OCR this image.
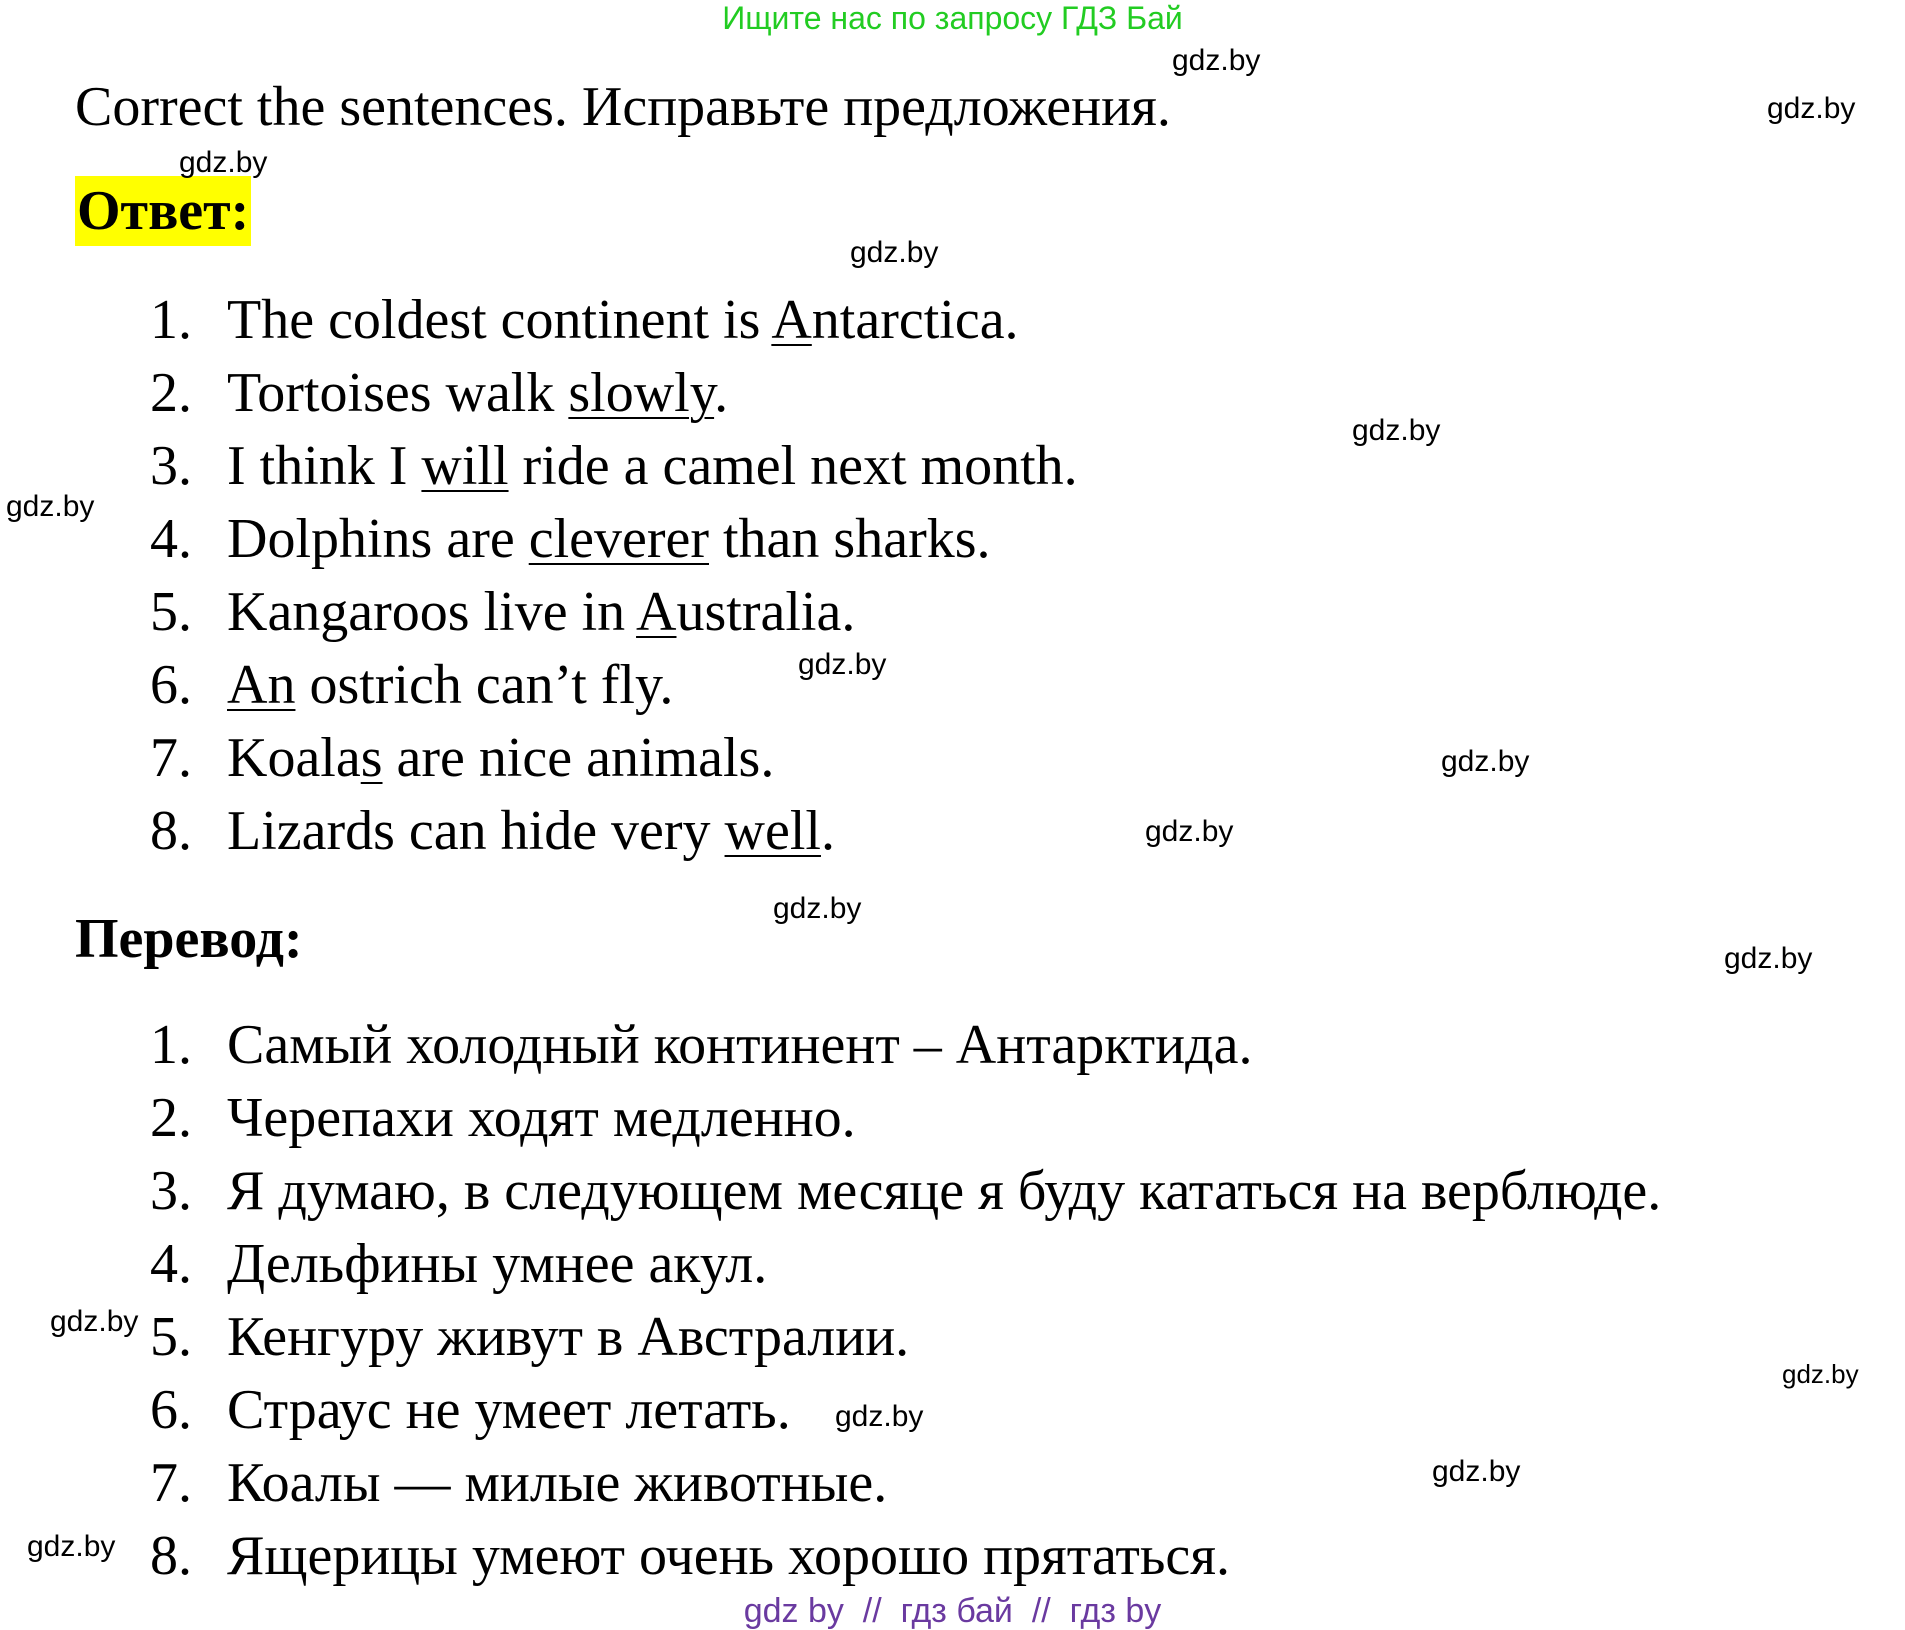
Ищите нас по запросу ГДЗ Бай
Correct the sentences. Исправьте предложения.
Ответ:
1. The coldest continent is Antarctica.
2. Tortoises walk slowly.
3. I think I will ride a camel next month.
4. Dolphins are cleverer than sharks.
5. Kangaroos live in Australia.
6. An ostrich can’t fly.
7. Koalas are nice animals.
8. Lizards can hide very well.
Перевод:
1. Самый холодный континент – Антарктида.
2. Черепахи ходят медленно.
3. Я думаю, в следующем месяце я буду кататься на верблюде.
4. Дельфины умнее акул.
5. Кенгуру живут в Австралии.
6. Страус не умеет летать.
7. Коалы — милые животные.
8. Ящерицы умеют очень хорошо прятаться.
gdz.by
gdz.by
gdz.by
gdz.by
gdz.by
gdz.by
gdz.by
gdz.by
gdz.by
gdz.by
gdz.by
gdz.by
gdz.by
gdz.by
gdz.by
gdz.by
gdz by  //  гдз бай  //  гдз by
